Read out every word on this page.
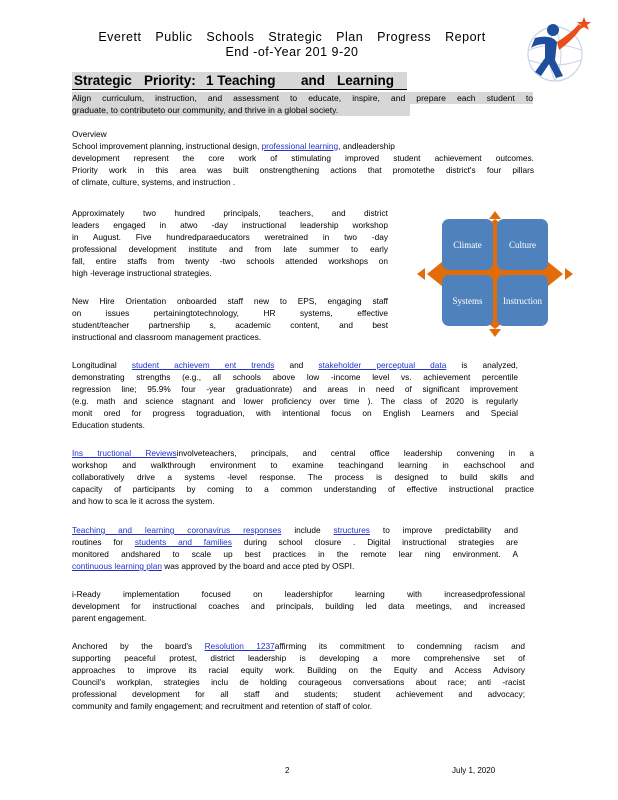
Everett Public Schools Strategic Plan Progress Report
End -of-Year 201 9-20
Strategic Priority: 1 Teaching and Learning
Align curriculum, instruction, and assessment to educate, inspire, and prepare each student to
graduate, to contributeto our community, and thrive in a global society.
Overview
School improvement planning, instructional design, professional learning, andleadership
development represent the core work of stimulating improved student achievement outcomes.
Priority work in this area was built onstrengthening actions that promotethe district's four pillars
of climate, culture, systems, and instruction .
Approximately two hundred principals, teachers, and district
leaders engaged in atwo -day instructional leadership workshop
in August. Five hundredparaeducators weretrained in two -day
professional development institute and from late summer to early
fall, entire staffs from twenty -two schools attended workshops on
high -leverage instructional strategies.
Climate	Culture
Systems	Instruction
New Hire Orientation onboarded staff new to EPS, engaging staff
on issues pertainingtotechnology, HR systems, effective
student/teacher partnership s, academic content, and best
instructional and classroom management practices.
Longitudinal student achievem ent trends and stakeholder perceptual data is analyzed,
demonstrating strengths (e.g., all schools above low -income level vs. achievement percentile
regression line; 95.9% four -year graduationrate) and areas in need of significant improvement
(e.g. math and science stagnant and lower proficiency over time ). The class of 2020 is regularly
monit ored for progress tograduation, with intentional focus on English Learners and Special
Education students.
Ins tructional Reviewsinvolveteachers, principals, and central office leadership convening in a
workshop and walkthrough environment to examine teachingand learning in eachschool and
collaboratively drive a systems -level response. The process is designed to build skills and
capacity of participants by coming to a common understanding of effective instructional practice
and how to sca le it across the system.
Teaching and learning coronavirus responses include structures to improve predictability and
routines for students and families during school closure . Digital instructional strategies are
monitored andshared to scale up best practices in the remote lear ning environment. A
continuous learning plan was approved by the board and acce pted by OSPI.
i-Ready implementation focused on leadershipfor learning with increasedprofessional
development for instructional coaches and principals, building led data meetings, and increased
parent engagement.
Anchored by the board's Resolution 1237affirming its commitment to condemning racism and
supporting peaceful protest, district leadership is developing a more comprehensive set of
approaches to improve its racial equity work. Building on the Equity and Access Advisory
Council's workplan, strategies inclu de holding courageous conversations about race; anti -racist
professional development for all staff and students; student achievement and advocacy;
community and family engagement; and recruitment and retention of staff of color.
2	July 1, 2020
